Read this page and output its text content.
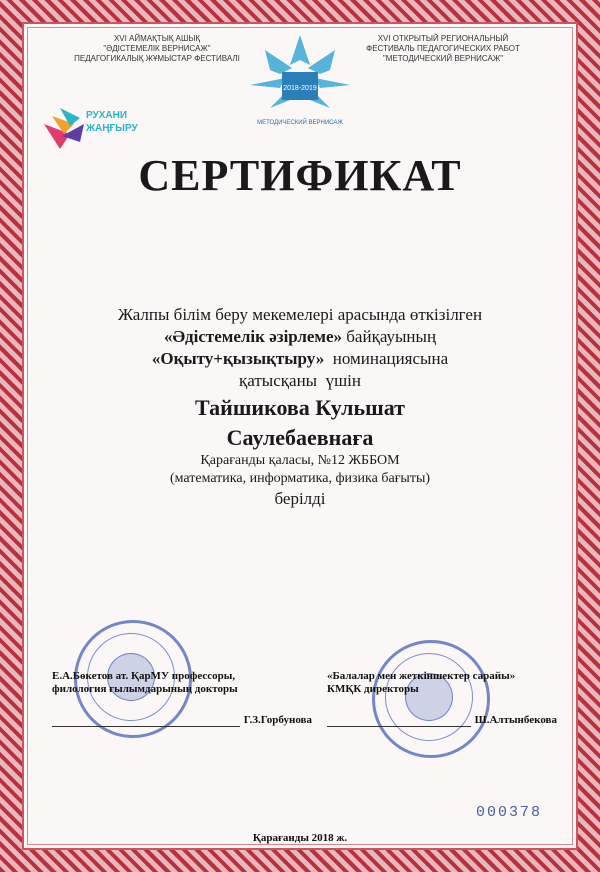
XVI АЙМАҚТЫҚ АШЫҚ
"ӘДІСТЕМЕЛІК ВЕРНИСАЖ"
ПЕДАГОГИКАЛЫҚ ЖҰМЫСТАР ФЕСТИВАЛІ
2018-2019
МЕТОДИЧЕСКИЙ ВЕРНИСАЖ
XVI ОТКРЫТЫЙ РЕГИОНАЛЬНЫЙ
ФЕСТИВАЛЬ ПЕДАГОГИЧЕСКИХ РАБОТ
"МЕТОДИЧЕСКИЙ ВЕРНИСАЖ"
РУХАНИ
ЖАҢҒЫРУ
СЕРТИФИКАТ
Жалпы білім беру мекемелері арасында өткізілген
«Әдістемелік әзірлеме» байқауының
«Оқыту+қызықтыру»  номинациясына
қатысқаны  үшін
Тайшикова Кульшат
Саулебаевнаға
Қарағанды қаласы, №12 ЖББОМ
(математика, информатика, физика бағыты)
берілді
Е.А.Бөкетов ат. ҚарМУ профессоры,
филология ғылымдарының докторы
Г.З.Горбунова
«Балалар мен жеткіншектер сарайы»
КМҚК директоры
Ш.Алтынбекова
000378
Қарағанды 2018 ж.
